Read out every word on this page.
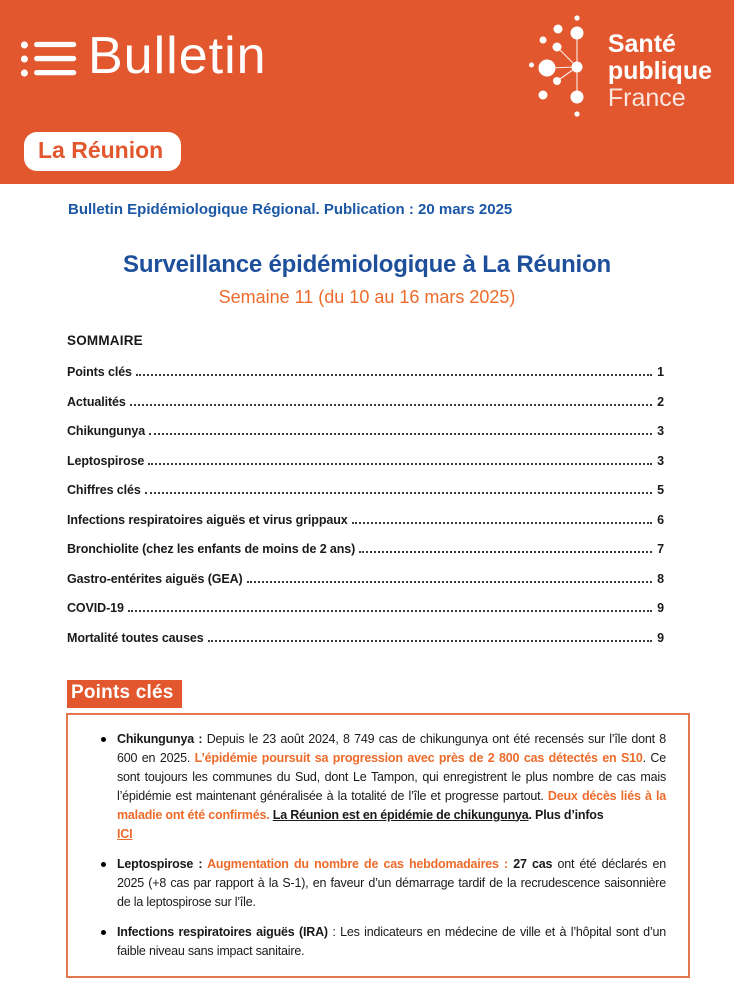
Bulletin	Santé
publique
France
La Réunion
Bulletin Epidémiologique Régional. Publication : 20 mars 2025
Surveillance épidémiologique à La Réunion
Semaine 11 (du 10 au 16 mars 2025)
SOMMAIRE
Points clés	1
Actualités	2
Chikungunya	3
Leptospirose	3
Chiffres clés	5
Infections respiratoires aiguës et virus grippaux	6
Bronchiolite (chez les enfants de moins de 2 ans)	7
Gastro-entérites aiguës (GEA)	8
COVID-19	9
Mortalité toutes causes	9
Points clés
Chikungunya : Depuis le 23 août 2024, 8 749 cas de chikungunya ont été recensés sur l’île dont 8 600 en 2025. L’épidémie poursuit sa progression avec près de 2 800 cas détectés en S10. Ce sont toujours les communes du Sud, dont Le Tampon, qui enregistrent le plus nombre de cas mais l’épidémie est maintenant généralisée à la totalité de l’île et progresse partout. Deux décès liés à la maladie ont été confirmés. La Réunion est en épidémie de chikungunya. Plus d’infos
ICI
Leptospirose : Augmentation du nombre de cas hebdomadaires : 27 cas ont été déclarés en 2025 (+8 cas par rapport à la S-1), en faveur d’un démarrage tardif de la recrudescence saisonnière de la leptospirose sur l’île.
Infections respiratoires aiguës (IRA) : Les indicateurs en médecine de ville et à l’hôpital sont d’un faible niveau sans impact sanitaire.
